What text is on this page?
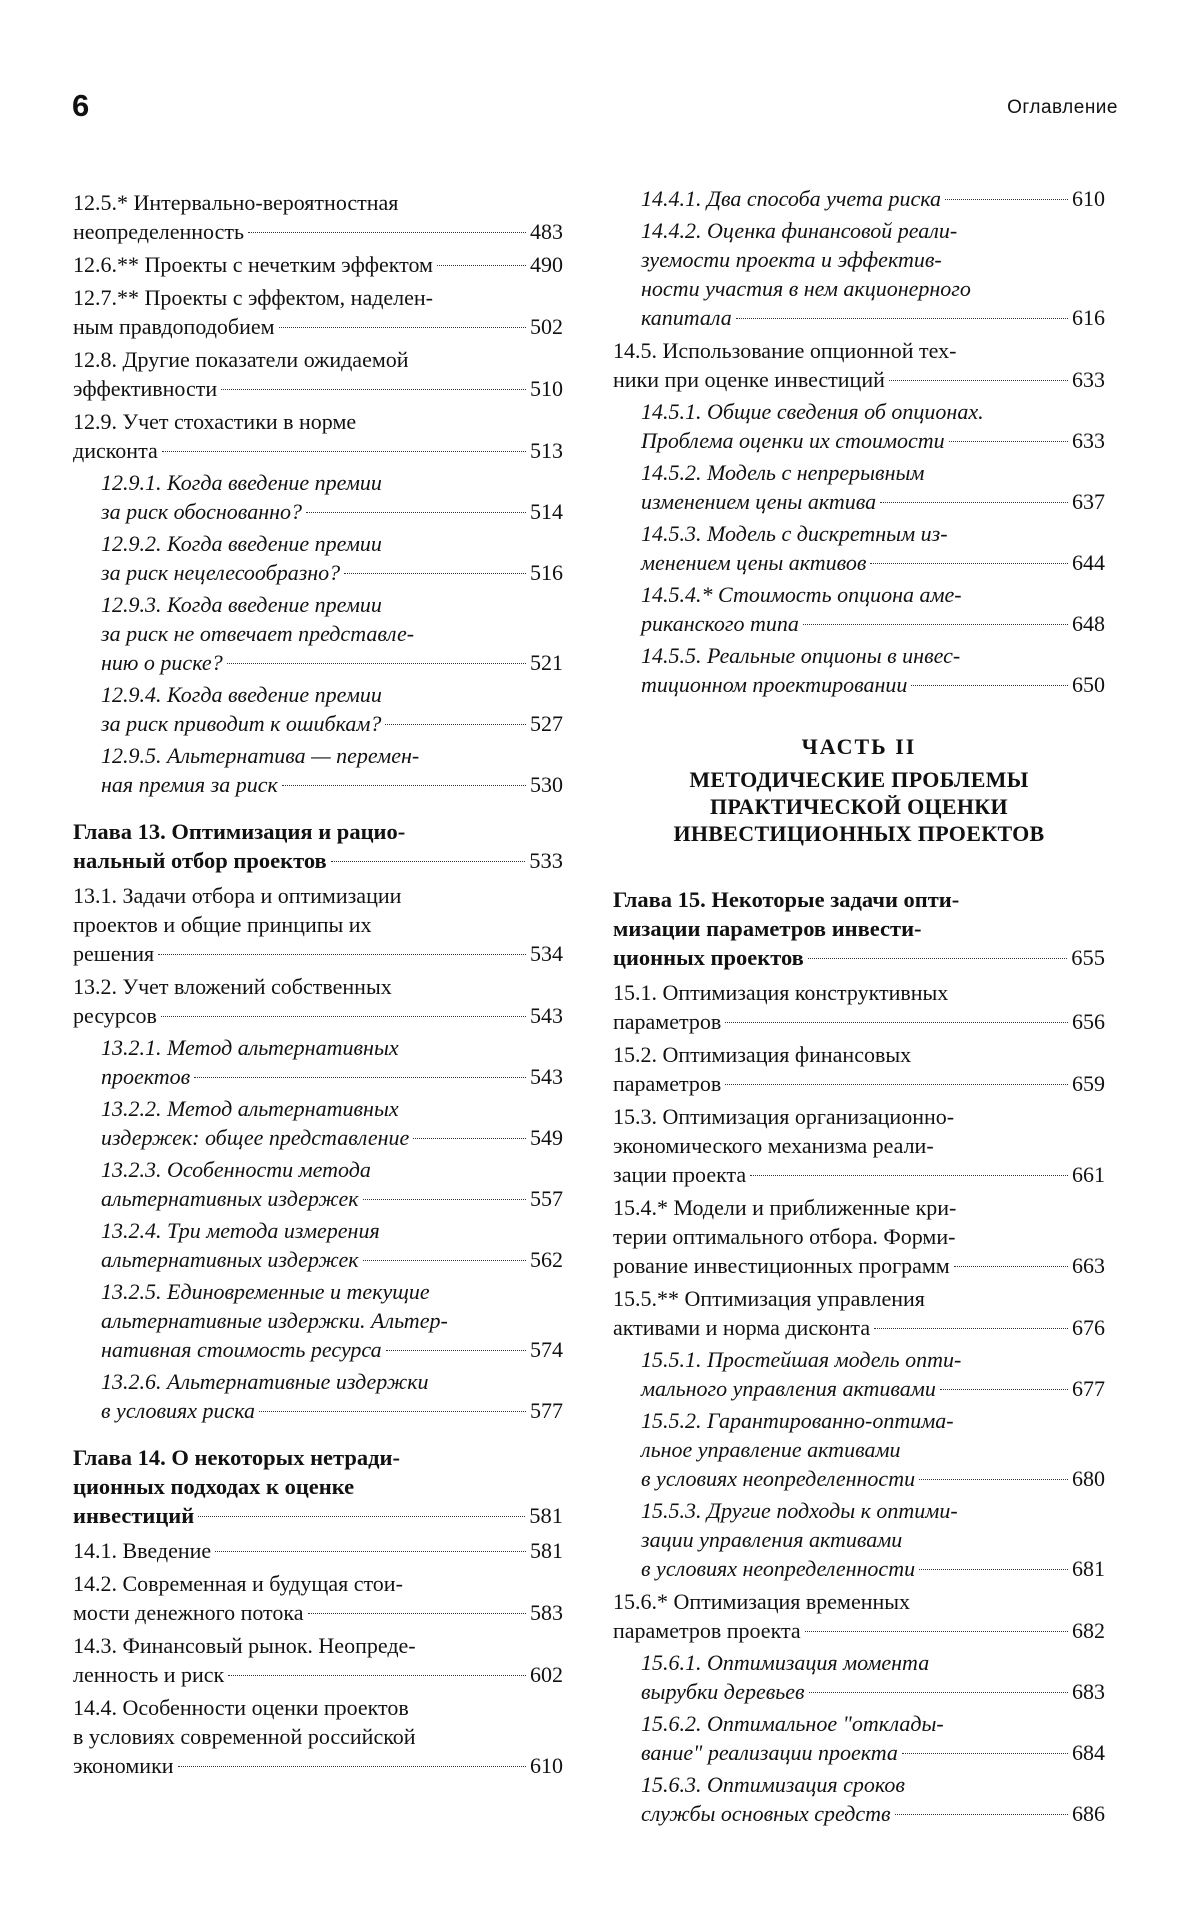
6	Оглавление
12.5.* Интервально-вероятностная
неопределенность	483
12.6.** Проекты с нечетким эффектом	490
12.7.** Проекты с эффектом, наделен-
ным правдоподобием	502
12.8. Другие показатели ожидаемой
эффективности	510
12.9. Учет стохастики в норме
дисконта	513
12.9.1. Когда введение премии
за риск обоснованно?	514
12.9.2. Когда введение премии
за риск нецелесообразно?	516
12.9.3. Когда введение премии
за риск не отвечает представле-
нию о риске?	521
12.9.4. Когда введение премии
за риск приводит к ошибкам?	527
12.9.5. Альтернатива — перемен-
ная премия за риск	530
Глава 13. Оптимизация и рацио-
нальный отбор проектов	533
13.1. Задачи отбора и оптимизации
проектов и общие принципы их
решения	534
13.2. Учет вложений собственных
ресурсов	543
13.2.1. Метод альтернативных
проектов	543
13.2.2. Метод альтернативных
издержек: общее представление	549
13.2.3. Особенности метода
альтернативных издержек	557
13.2.4. Три метода измерения
альтернативных издержек	562
13.2.5. Единовременные и текущие
альтернативные издержки. Альтер-
нативная стоимость ресурса	574
13.2.6. Альтернативные издержки
в условиях риска	577
Глава 14. О некоторых нетради-
ционных подходах к оценке
инвестиций	581
14.1. Введение	581
14.2. Современная и будущая стои-
мости денежного потока	583
14.3. Финансовый рынок. Неопреде-
ленность и риск	602
14.4. Особенности оценки проектов
в условиях современной российской
экономики	610
14.4.1. Два способа учета риска	610
14.4.2. Оценка финансовой реали-
зуемости проекта и эффектив-
ности участия в нем акционерного
капитала	616
14.5. Использование опционной тех-
ники при оценке инвестиций	633
14.5.1. Общие сведения об опционах.
Проблема оценки их стоимости	633
14.5.2. Модель с непрерывным
изменением цены актива	637
14.5.3. Модель с дискретным из-
менением цены активов	644
14.5.4.* Стоимость опциона аме-
риканского типа	648
14.5.5. Реальные опционы в инвес-
тиционном проектировании	650
ЧАСТЬ II
МЕТОДИЧЕСКИЕ ПРОБЛЕМЫ
ПРАКТИЧЕСКОЙ ОЦЕНКИ
ИНВЕСТИЦИОННЫХ ПРОЕКТОВ
Глава 15. Некоторые задачи опти-
мизации параметров инвести-
ционных проектов	655
15.1. Оптимизация конструктивных
параметров	656
15.2. Оптимизация финансовых
параметров	659
15.3. Оптимизация организационно-
экономического механизма реали-
зации проекта	661
15.4.* Модели и приближенные кри-
терии оптимального отбора. Форми-
рование инвестиционных программ	663
15.5.** Оптимизация управления
активами и норма дисконта	676
15.5.1. Простейшая модель опти-
мального управления активами	677
15.5.2. Гарантированно-оптима-
льное управление активами
в условиях неопределенности	680
15.5.3. Другие подходы к оптими-
зации управления активами
в условиях неопределенности	681
15.6.* Оптимизация временных
параметров проекта	682
15.6.1. Оптимизация момента
вырубки деревьев	683
15.6.2. Оптимальное "отклады-
вание" реализации проекта	684
15.6.3. Оптимизация сроков
службы основных средств	686
